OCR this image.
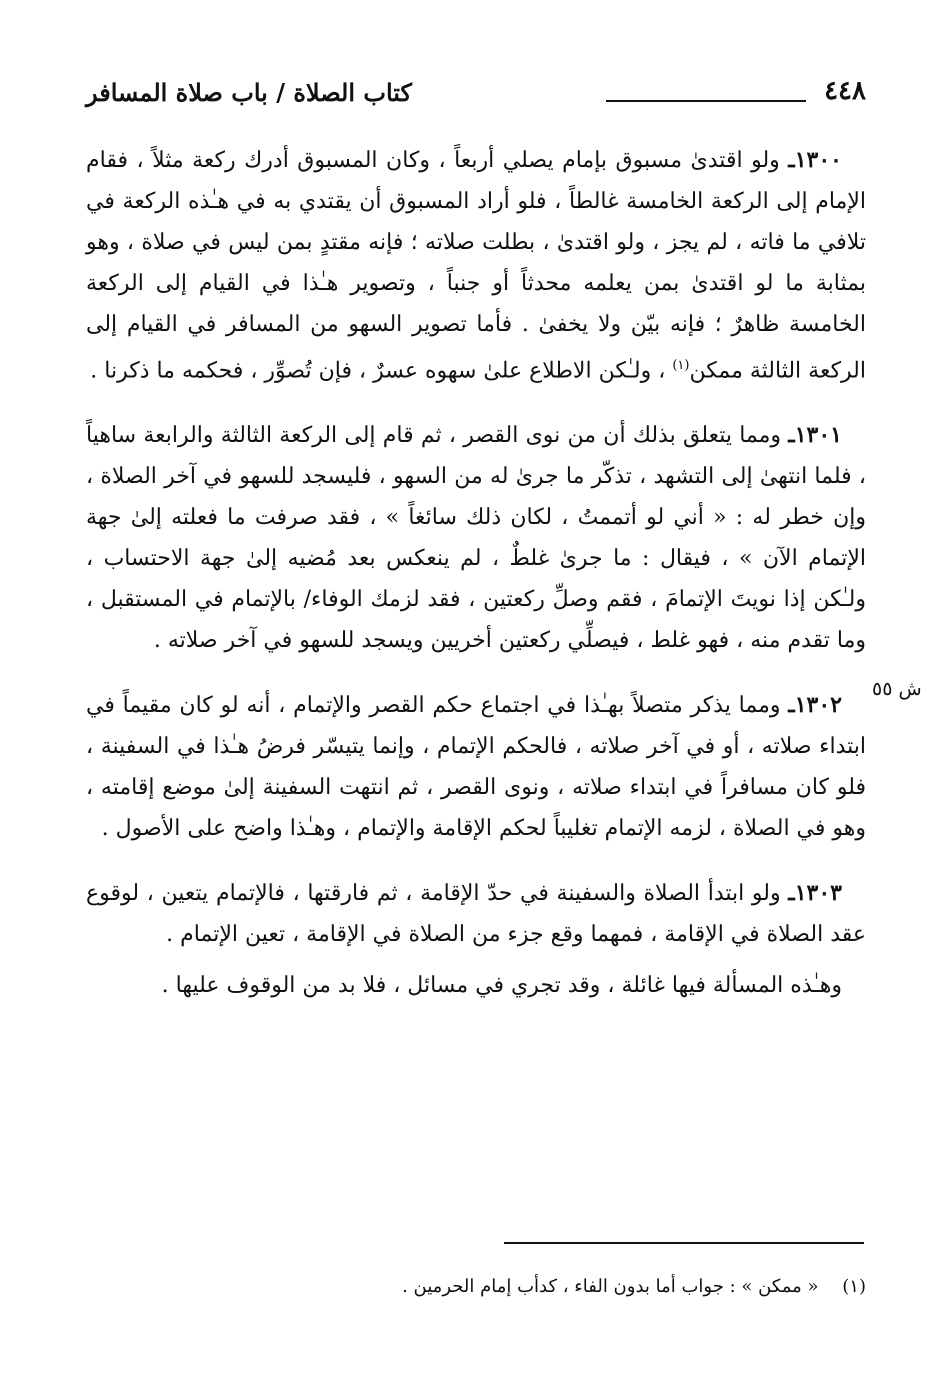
٤٤٨
كتاب الصلاة / باب صلاة المسافر

١٣٠٠ـ ولو اقتدىٰ مسبوق بإمام يصلي أربعاً ، وكان المسبوق أدرك ركعة مثلاً ، فقام الإمام إلى الركعة الخامسة غالطاً ، فلو أراد المسبوق أن يقتدي به في هـٰذه الركعة في تلافي ما فاته ، لم يجز ، ولو اقتدىٰ ، بطلت صلاته ؛ فإنه مقتدٍ بمن ليس في صلاة ، وهو بمثابة ما لو اقتدىٰ بمن يعلمه محدثاً أو جنباً ، وتصوير هـٰذا في القيام إلى الركعة الخامسة ظاهرٌ ؛ فإنه بيّن ولا يخفىٰ . فأما تصوير السهو من المسافر في القيام إلى الركعة الثالثة ممكن$^{(١)}$ ، ولـٰكن الاطلاع علىٰ سهوه عسرٌ ، فإن تُصوِّر ، فحكمه ما ذكرنا .

١٣٠١ـ ومما يتعلق بذلك أن من نوى القصر ، ثم قام إلى الركعة الثالثة والرابعة ساهياً ، فلما انتهىٰ إلى التشهد ، تذكّر ما جرىٰ له من السهو ، فليسجد للسهو في آخر الصلاة ، وإن خطر له : « أني لو أتممتُ ، لكان ذلك سائغاً » ، فقد صرفت ما فعلته إلىٰ جهة الإتمام الآن » ، فيقال : ما جرىٰ غلطٌ ، لم ينعكس بعد مُضيه إلىٰ جهة الاحتساب ، ولـٰكن إذا نويتَ الإتمامَ ، فقم وصلِّ ركعتين ، فقد لزمك الوفاء/ بالإتمام في المستقبل ، وما تقدم منه ، فهو غلط ، فيصلِّي ركعتين أخريين ويسجد للسهو في آخر صلاته .

١٣٠٢ـ ومما يذكر متصلاً بهـٰذا في اجتماع حكم القصر والإتمام ، أنه لو كان مقيماً في ابتداء صلاته ، أو في آخر صلاته ، فالحكم الإتمام ، وإنما يتيسّر فرضُ هـٰذا في السفينة ، فلو كان مسافراً في ابتداء صلاته ، ونوى القصر ، ثم انتهت السفينة إلىٰ موضع إقامته ، وهو في الصلاة ، لزمه الإتمام تغليباً لحكم الإقامة والإتمام ، وهـٰذا واضح على الأصول .

١٣٠٣ـ ولو ابتدأ الصلاة والسفينة في حدّ الإقامة ، ثم فارقتها ، فالإتمام يتعين ، لوقوع عقد الصلاة في الإقامة ، فمهما وقع جزء من الصلاة في الإقامة ، تعين الإتمام .

وهـٰذه المسألة فيها غائلة ، وقد تجري في مسائل ، فلا بد من الوقوف عليها .

ش ٥٥
(١) « ممكن » : جواب أما بدون الفاء ، كدأب إمام الحرمين .
